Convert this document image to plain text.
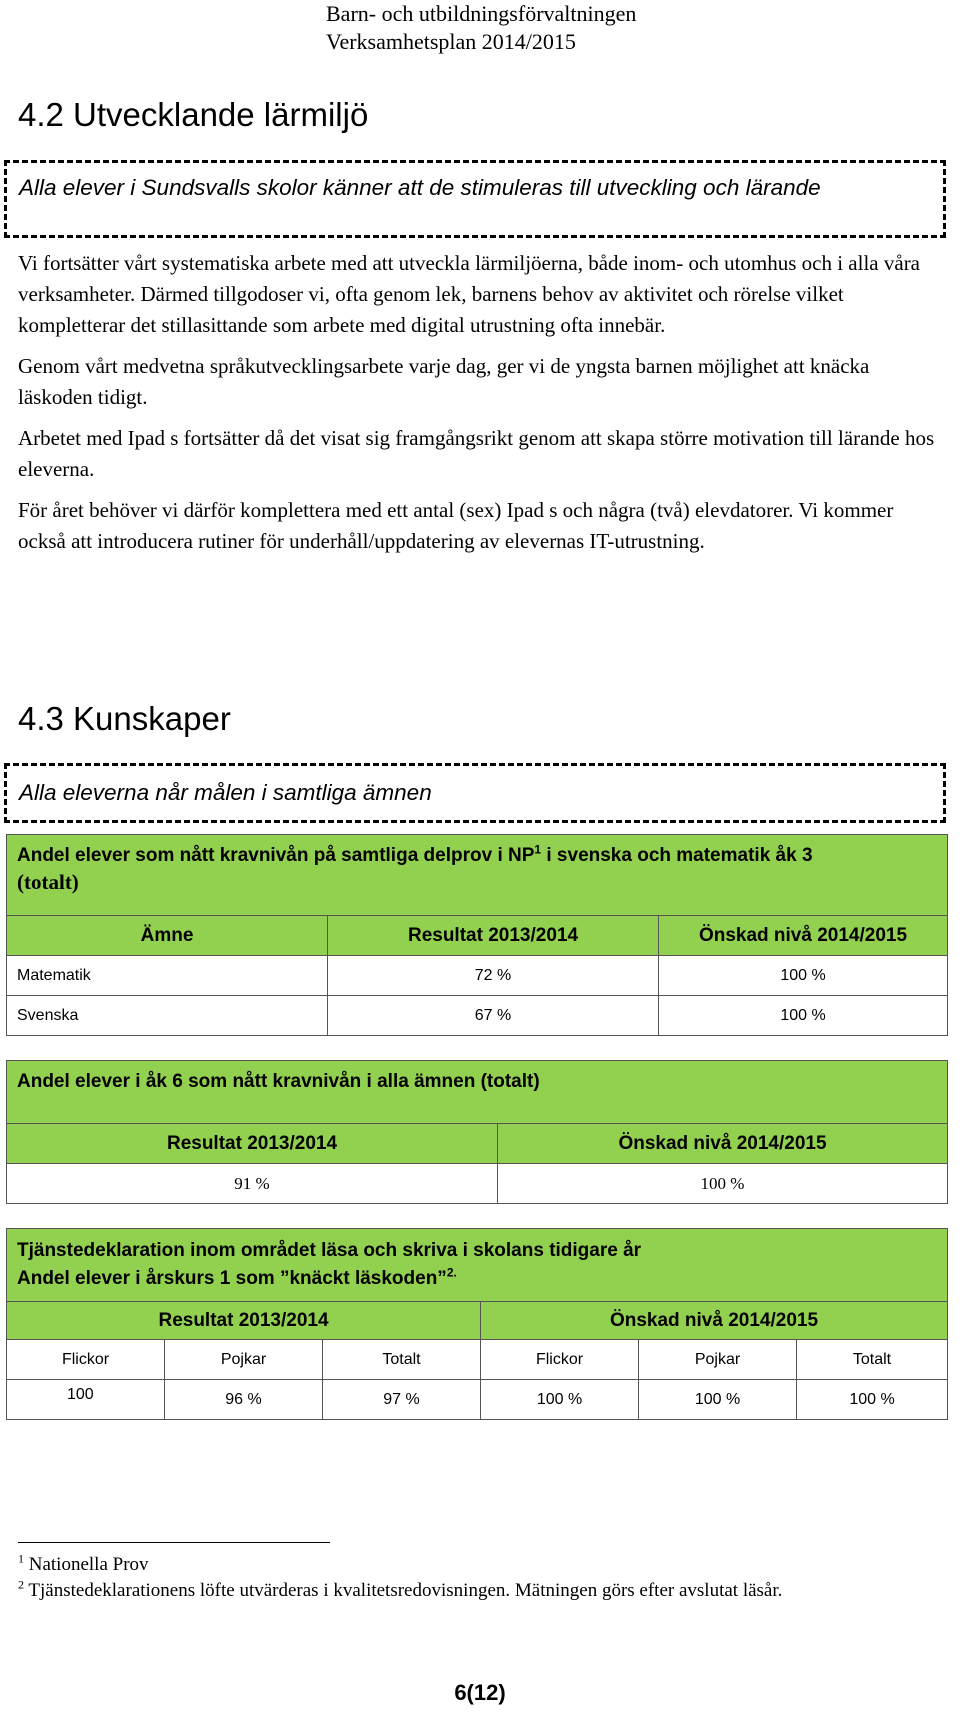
Barn- och utbildningsförvaltningen
Verksamhetsplan 2014/2015
4.2 Utvecklande lärmiljö
Alla elever i Sundsvalls skolor känner att de stimuleras till utveckling och lärande

Vi fortsätter vårt systematiska arbete med att utveckla lärmiljöerna, både inom- och utomhus och i alla våra verksamheter. Därmed tillgodoser vi, ofta genom lek, barnens behov av aktivitet och rörelse vilket kompletterar det stillasittande som arbete med digital utrustning ofta innebär.

Genom vårt medvetna språkutvecklingsarbete varje dag, ger vi de yngsta barnen möjlighet att knäcka läskoden tidigt.

Arbetet med Ipad s fortsätter då det visat sig framgångsrikt genom att skapa större motivation till lärande hos eleverna.

För året behöver vi därför komplettera med ett antal (sex) Ipad s och några (två) elevdatorer. Vi kommer också att introducera rutiner för underhåll/uppdatering av elevernas IT-utrustning.

4.3 Kunskaper
Alla eleverna når målen i samtliga ämnen
Andel elever som nått kravnivån på samtliga delprov i $NP^1$ i svenska och matematik åk 3
(totalt)		
Ämne	Resultat 2013/2014	Önskad nivå 2014/2015
Matematik	72 %	100 %
Svenska	67 %	100 %
Andel elever i åk 6 som nått kravnivån i alla ämnen (totalt)	
Resultat 2013/2014	Önskad nivå 2014/2015
91 %	100 %
Tjänstedeklaration inom området läsa och skriva i skolans tidigare år
Andel elever i årskurs 1 som ”knäckt läskoden”$^{2.}$
Resultat 2013/2014			Önskad nivå 2014/2015		
Flickor	Pojkar	Totalt	Flickor	Pojkar	Totalt
100	96 %	97 %	100 %	100 %	100 %
$^1$ Nationella Prov
$^2$ Tjänstedeklarationens löfte utvärderas i kvalitetsredovisningen. Mätningen görs efter avslutat läsår.
6(12)
